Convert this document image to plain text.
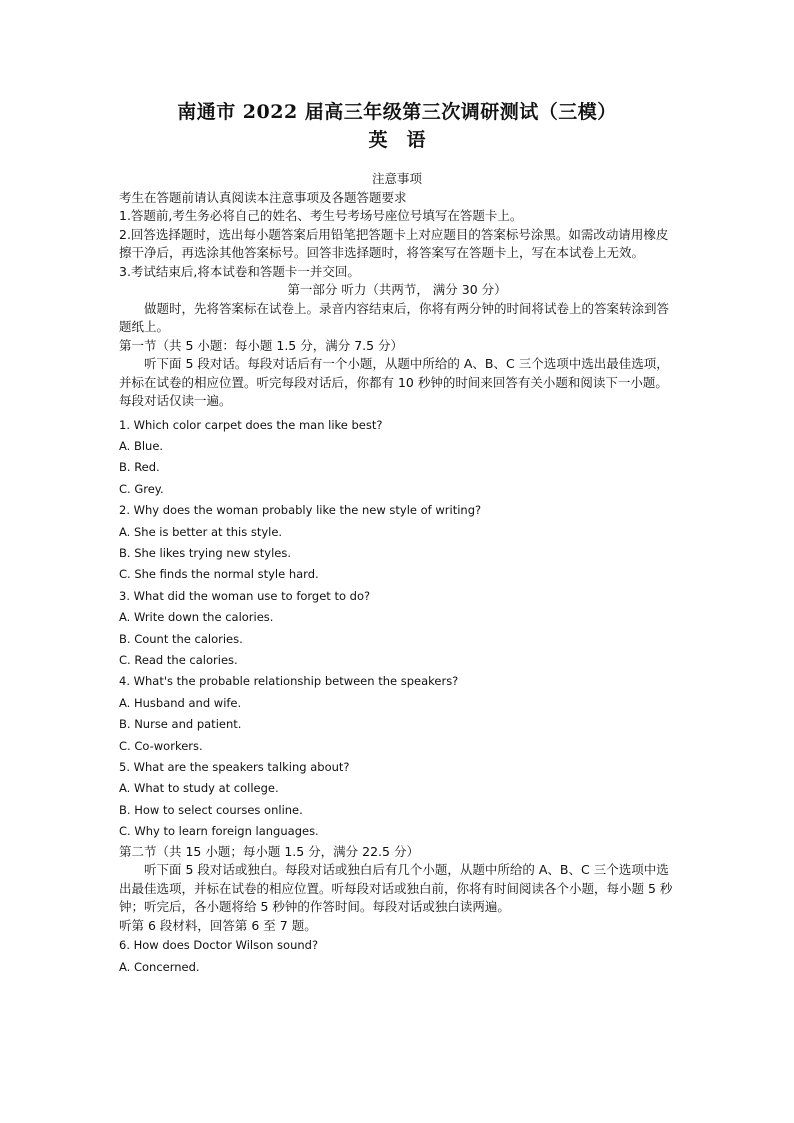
南通市 2022 届高三年级第三次调研测试（三模）
英　语

注意事项

考生在答题前请认真阅读本注意事项及各题答题要求

1.答题前,考生务必将自己的姓名、考生号考场号座位号填写在答题卡上。

2.回答选择题时，选出每小题答案后用铅笔把答题卡上对应题目的答案标号涂黑。如需改动请用橡皮擦干净后，再选涂其他答案标号。回答非选择题时，将答案写在答题卡上，写在本试卷上无效。

3.考试结束后,将本试卷和答题卡一并交回。

第一部分 听力（共两节， 满分 30 分）

做题时，先将答案标在试卷上。录音内容结束后，你将有两分钟的时间将试卷上的答案转涂到答题纸上。

第一节（共 5 小题：每小题 1.5 分，满分 7.5 分）

听下面 5 段对话。每段对话后有一个小题，从题中所给的 A、B、C 三个选项中选出最佳选项，并标在试卷的相应位置。听完每段对话后，你都有 10 秒钟的时间来回答有关小题和阅读下一小题。每段对话仅读一遍。

1. Which color carpet does the man like best?

A. Blue.

B. Red.

C. Grey.

2. Why does the woman probably like the new style of writing?

A. She is better at this style.

B. She likes trying new styles.

C. She finds the normal style hard.

3. What did the woman use to forget to do?

A. Write down the calories.

B. Count the calories.

C. Read the calories.

4. What's the probable relationship between the speakers?

A. Husband and wife.

B. Nurse and patient.

C. Co-workers.

5. What are the speakers talking about?

A. What to study at college.

B. How to select courses online.

C. Why to learn foreign languages.

第二节（共 15 小题；每小题 1.5 分，满分 22.5 分）

听下面 5 段对话或独白。每段对话或独白后有几个小题，从题中所给的 A、B、C 三个选项中选出最佳选项，并标在试卷的相应位置。听每段对话或独白前，你将有时间阅读各个小题，每小题 5 秒钟；听完后，各小题将给 5 秒钟的作答时间。每段对话或独白读两遍。

听第 6 段材料，回答第 6 至 7 题。

6. How does Doctor Wilson sound?

A. Concerned.
